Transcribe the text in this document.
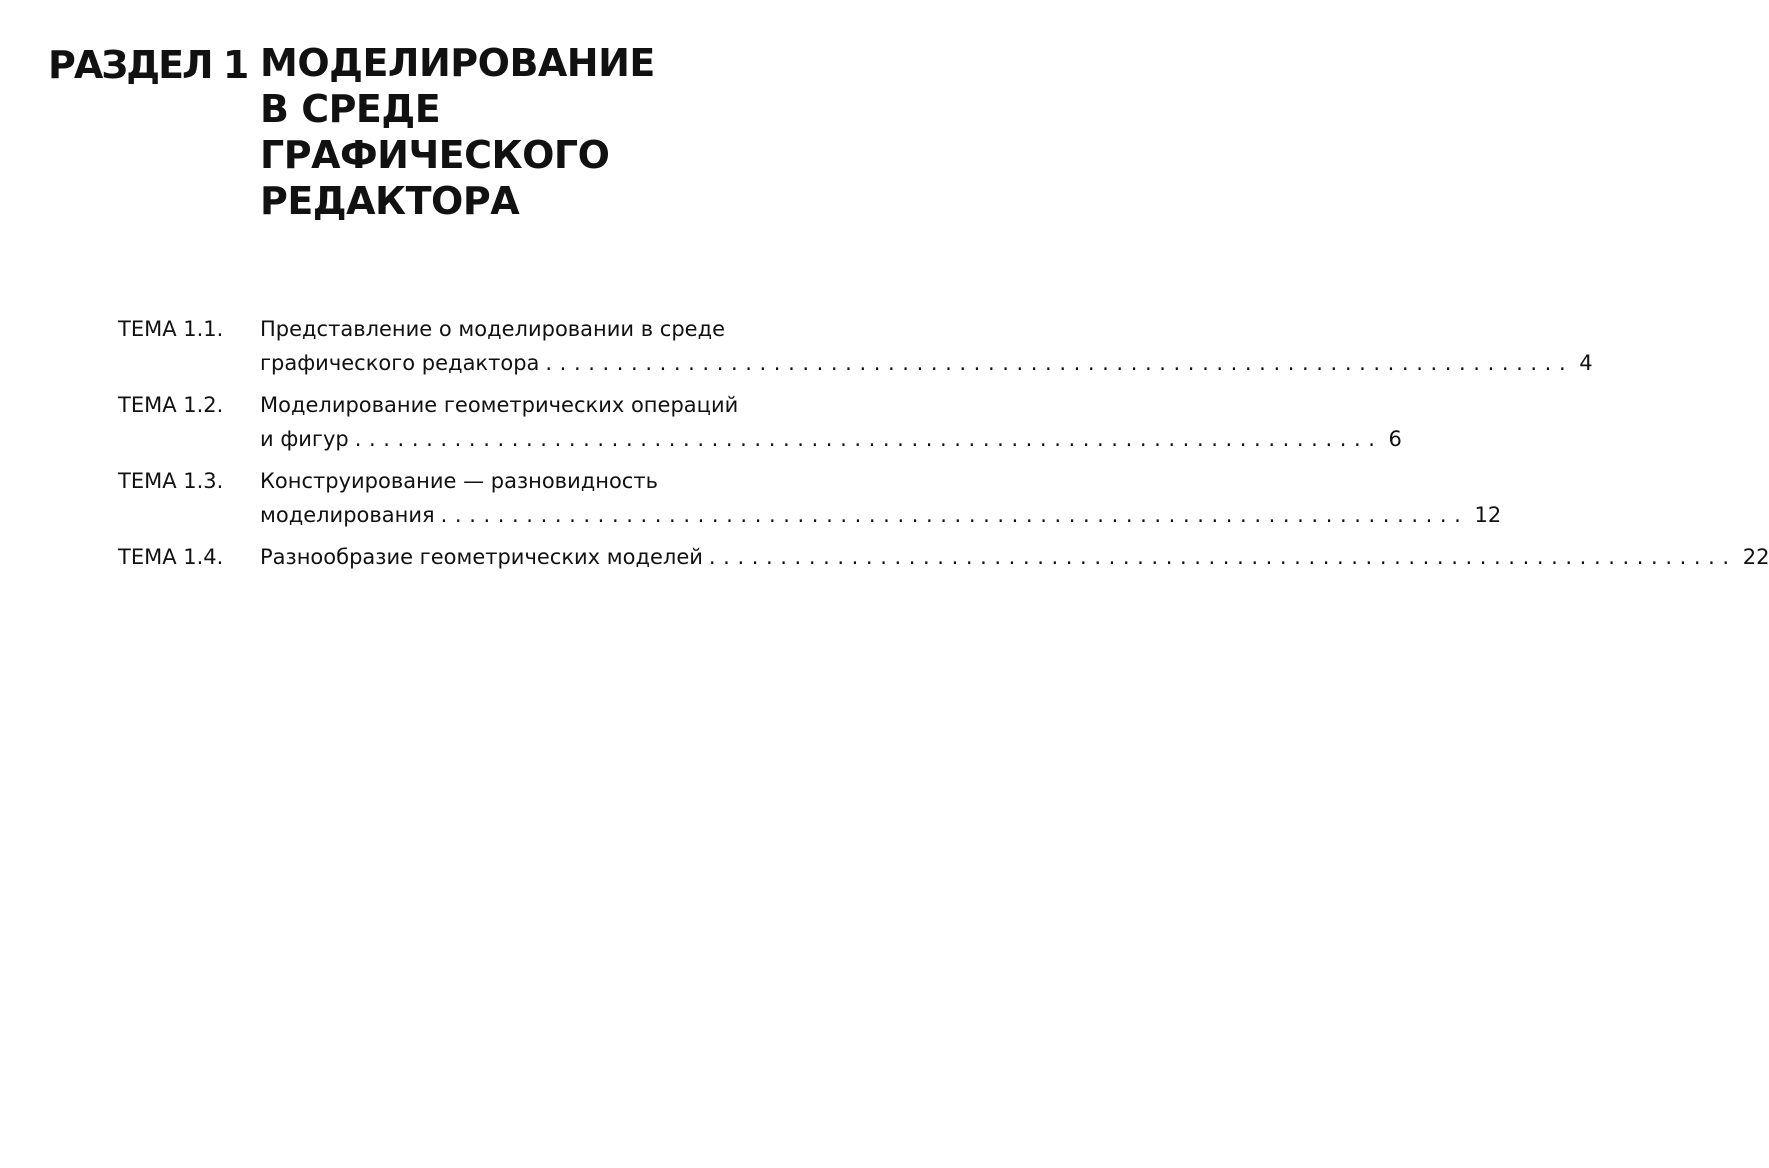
РАЗДЕЛ 1 МОДЕЛИРОВАНИЕ
В СРЕДЕ
ГРАФИЧЕСКОГО
РЕДАКТОРА
ТЕМА 1.1.	Представление о моделировании в среде
графического редактора ........................................................................ 4
ТЕМА 1.2.	Моделирование геометрических операций
и фигур ........................................................................ 6
ТЕМА 1.3.	Конструирование — разновидность
моделирования ........................................................................ 12
ТЕМА 1.4.	Разнообразие геометрических моделей ........................................................................ 22
